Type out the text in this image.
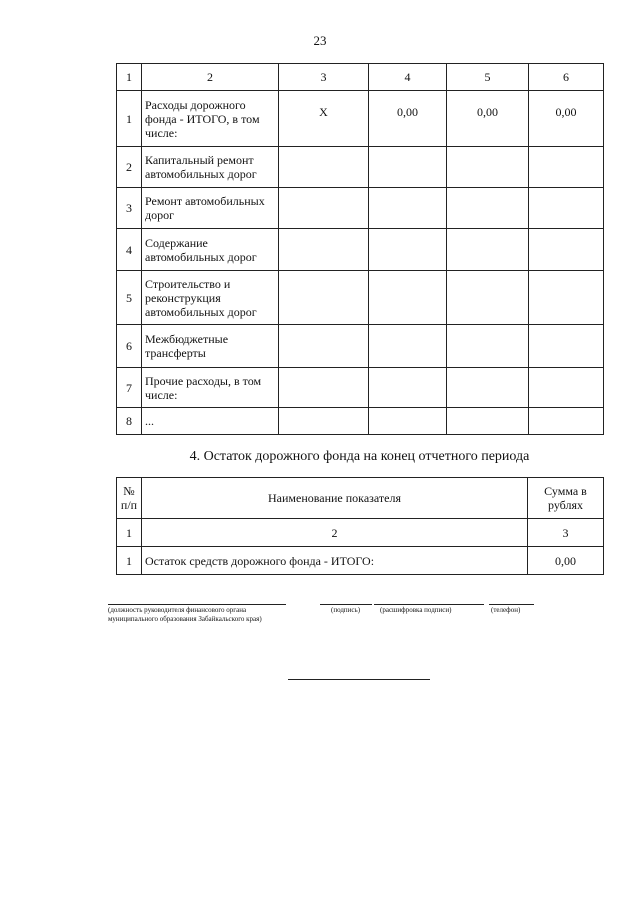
23
1	2	3	4	5	6
1	Расходы дорожного фонда - ИТОГО, в том числе:	Х	0,00	0,00	0,00
2	Капитальный ремонт автомобильных дорог				
3	Ремонт автомобильных дорог				
4	Содержание автомобильных дорог				
5	Строительство и реконструкция автомобильных дорог				
6	Межбюджетные трансферты				
7	Прочие расходы, в том числе:				
8	...				
4. Остаток дорожного фонда на конец отчетного периода
№ п/п	Наименование показателя	Сумма в рублях
1	2	3
1	Остаток средств дорожного фонда - ИТОГО:	0,00
(должность руководителя финансового органа муниципального образования Забайкальского края)
(подпись)	(расшифровка подписи)	(телефон)
